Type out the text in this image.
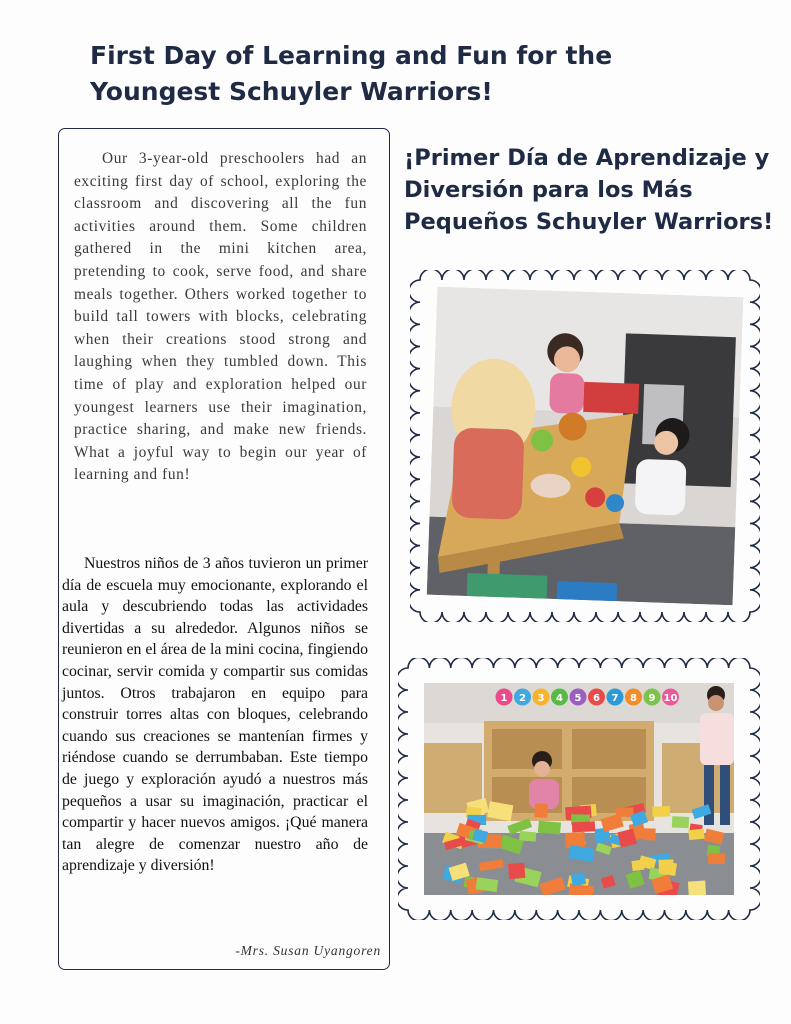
First Day of Learning and Fun for the Youngest Schuyler Warriors!

Our 3-year-old preschoolers had an exciting first day of school, exploring the classroom and discovering all the fun activities around them. Some children gathered in the mini kitchen area, pretending to cook, serve food, and share meals together. Others worked together to build tall towers with blocks, celebrating when their creations stood strong and laughing when they tumbled down. This time of play and exploration helped our youngest learners use their imagination, practice sharing, and make new friends. What a joyful way to begin our year of learning and fun!

Nuestros niños de 3 años tuvieron un primer día de escuela muy emocionante, explorando el aula y descubriendo todas las actividades divertidas a su alrededor. Algunos niños se reunieron en el área de la mini cocina, fingiendo cocinar, servir comida y compartir sus comidas juntos. Otros trabajaron en equipo para construir torres altas con bloques, celebrando cuando sus creaciones se mantenían firmes y riéndose cuando se derrumbaban. Este tiempo de juego y exploración ayudó a nuestros más pequeños a usar su imaginación, practicar el compartir y hacer nuevos amigos. ¡Qué manera tan alegre de comenzar nuestro año de aprendizaje y diversión!

-Mrs. Susan Uyangoren
¡Primer Día de Aprendizaje y Diversión para los Más Pequeños Schuyler Warriors!
1 2 3 4 5 6 7 8 9 10
